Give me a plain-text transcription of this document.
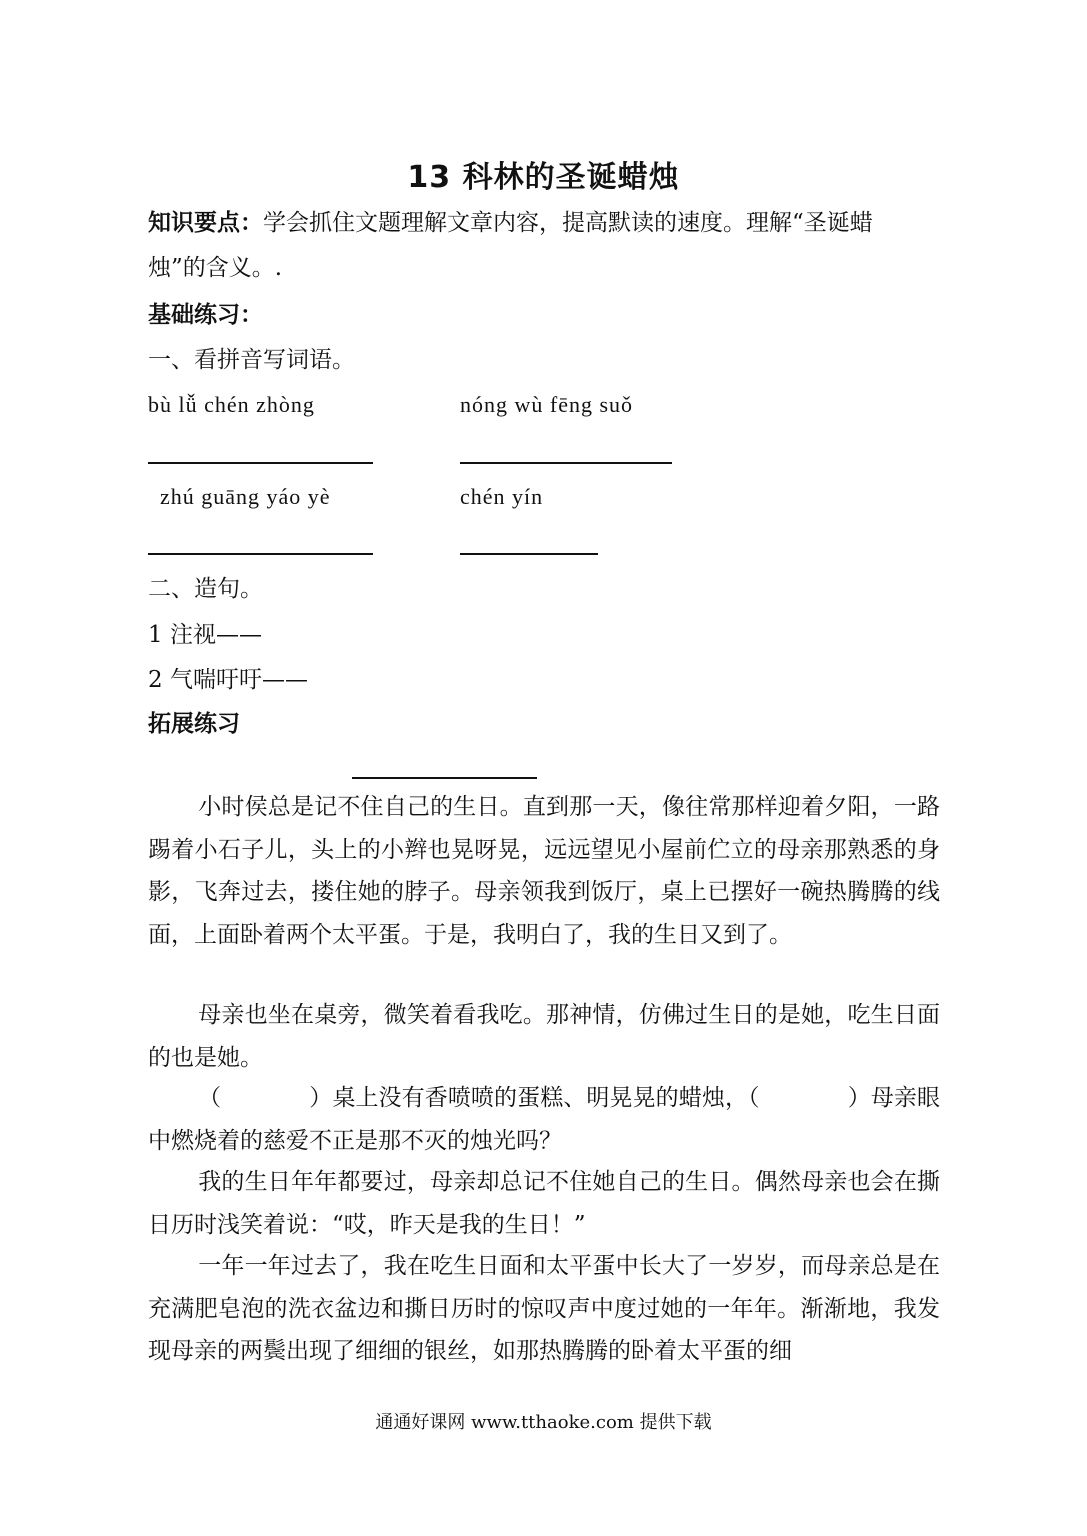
13 科林的圣诞蜡烛
知识要点：学会抓住文题理解文章内容，提高默读的速度。理解“圣诞蜡
烛”的含义。.
基础练习：
一、看拼音写词语。
bù lǚ chén zhòng	nóng wù fēng suǒ
zhú guāng yáo yè	chén yín
二、造句。
1 注视——
2 气喘吁吁——
拓展练习

小时侯总是记不住自己的生日。直到那一天，像往常那样迎着夕阳，一路踢着小石子儿，头上的小辫也晃呀晃，远远望见小屋前伫立的母亲那熟悉的身影，飞奔过去，搂住她的脖子。母亲领我到饭厅，桌上已摆好一碗热腾腾的线面，上面卧着两个太平蛋。于是，我明白了，我的生日又到了。

母亲也坐在桌旁，微笑着看我吃。那神情，仿佛过生日的是她，吃生日面的也是她。

（	）桌上没有香喷喷的蛋糕、明晃晃的蜡烛，（	）母亲眼中燃烧着的慈爱不正是那不灭的烛光吗？

我的生日年年都要过，母亲却总记不住她自己的生日。偶然母亲也会在撕日历时浅笑着说：“哎，昨天是我的生日！”

一年一年过去了，我在吃生日面和太平蛋中长大了一岁岁，而母亲总是在充满肥皂泡的洗衣盆边和撕日历时的惊叹声中度过她的一年年。渐渐地，我发现母亲的两鬓出现了细细的银丝，如那热腾腾的卧着太平蛋的细

通通好课网 www.tthaoke.com 提供下载
